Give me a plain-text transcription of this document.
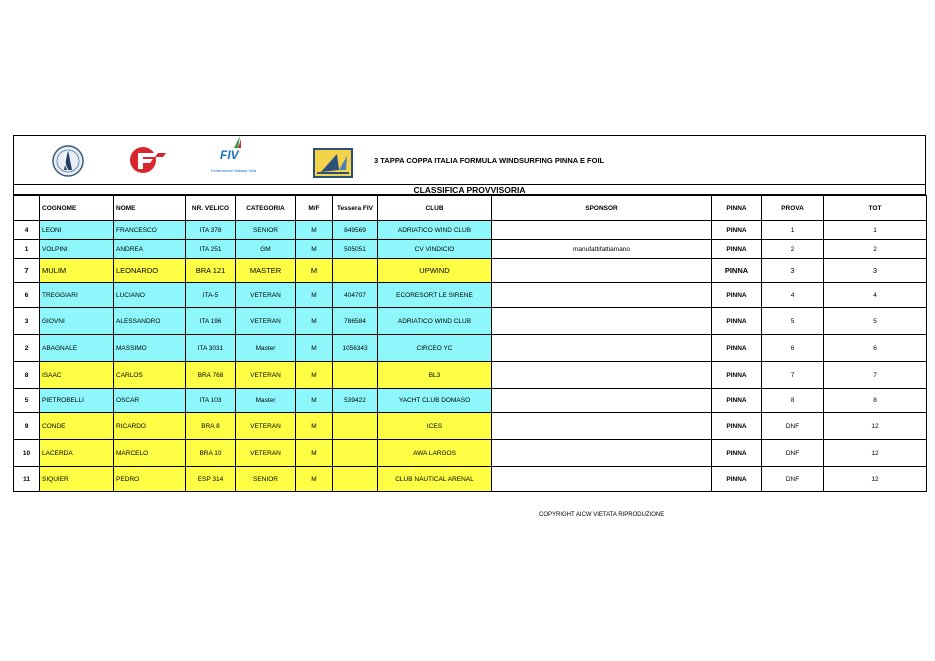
FIV
Federazione Italiana Vela
3 TAPPA COPPA ITALIA FORMULA WINDSURFING PINNA E FOIL
CLASSIFICA PROVVISORIA
	COGNOME	NOME	NR. VELICO	CATEGORIA	M/F	Tessera FIV	CLUB	SPONSOR	PINNA	PROVA	TOT
4	LEONI	FRANCESCO	ITA 378	SENIOR	M	849569	ADRIATICO WIND CLUB		PINNA	1	1
1	VOLPINI	ANDREA	ITA 251	GM	M	505051	CV VINDICIO	manufattifattiamano	PINNA	2	2
7	MULIM	LEONARDO	BRA 121	MASTER	M		UPWIND		PINNA	3	3
6	TREGGIARI	LUCIANO	ITA-5	VETERAN	M	404707	ECORESORT LE SIRENE		PINNA	4	4
3	GIOVNI	ALESSANDRO	ITA 196	VETERAN	M	786584	ADRIATICO WIND CLUB		PINNA	5	5
2	ABAGNALE	MASSIMO	ITA 3031	Master	M	1056343	CIRCEO YC		PINNA	6	6
8	ISAAC	CARLOS	BRA 768	VETERAN	M		BL3		PINNA	7	7
5	PIETROBELLI	OSCAR	ITA 103	Master	M	539422	YACHT CLUB DOMASO		PINNA	8	8
9	CONDE	RICARDO	BRA 8	VETERAN	M		ICES		PINNA	DNF	12
10	LACERDA	MARCELO	BRA 10	VETERAN	M		AWA LARGOS		PINNA	DNF	12
11	SIQUIER	PEDRO	ESP 314	SENIOR	M		CLUB NAUTICAL ARENAL		PINNA	DNF	12
COPYRIGHT AICW VIETATA RIPRODUZIONE
